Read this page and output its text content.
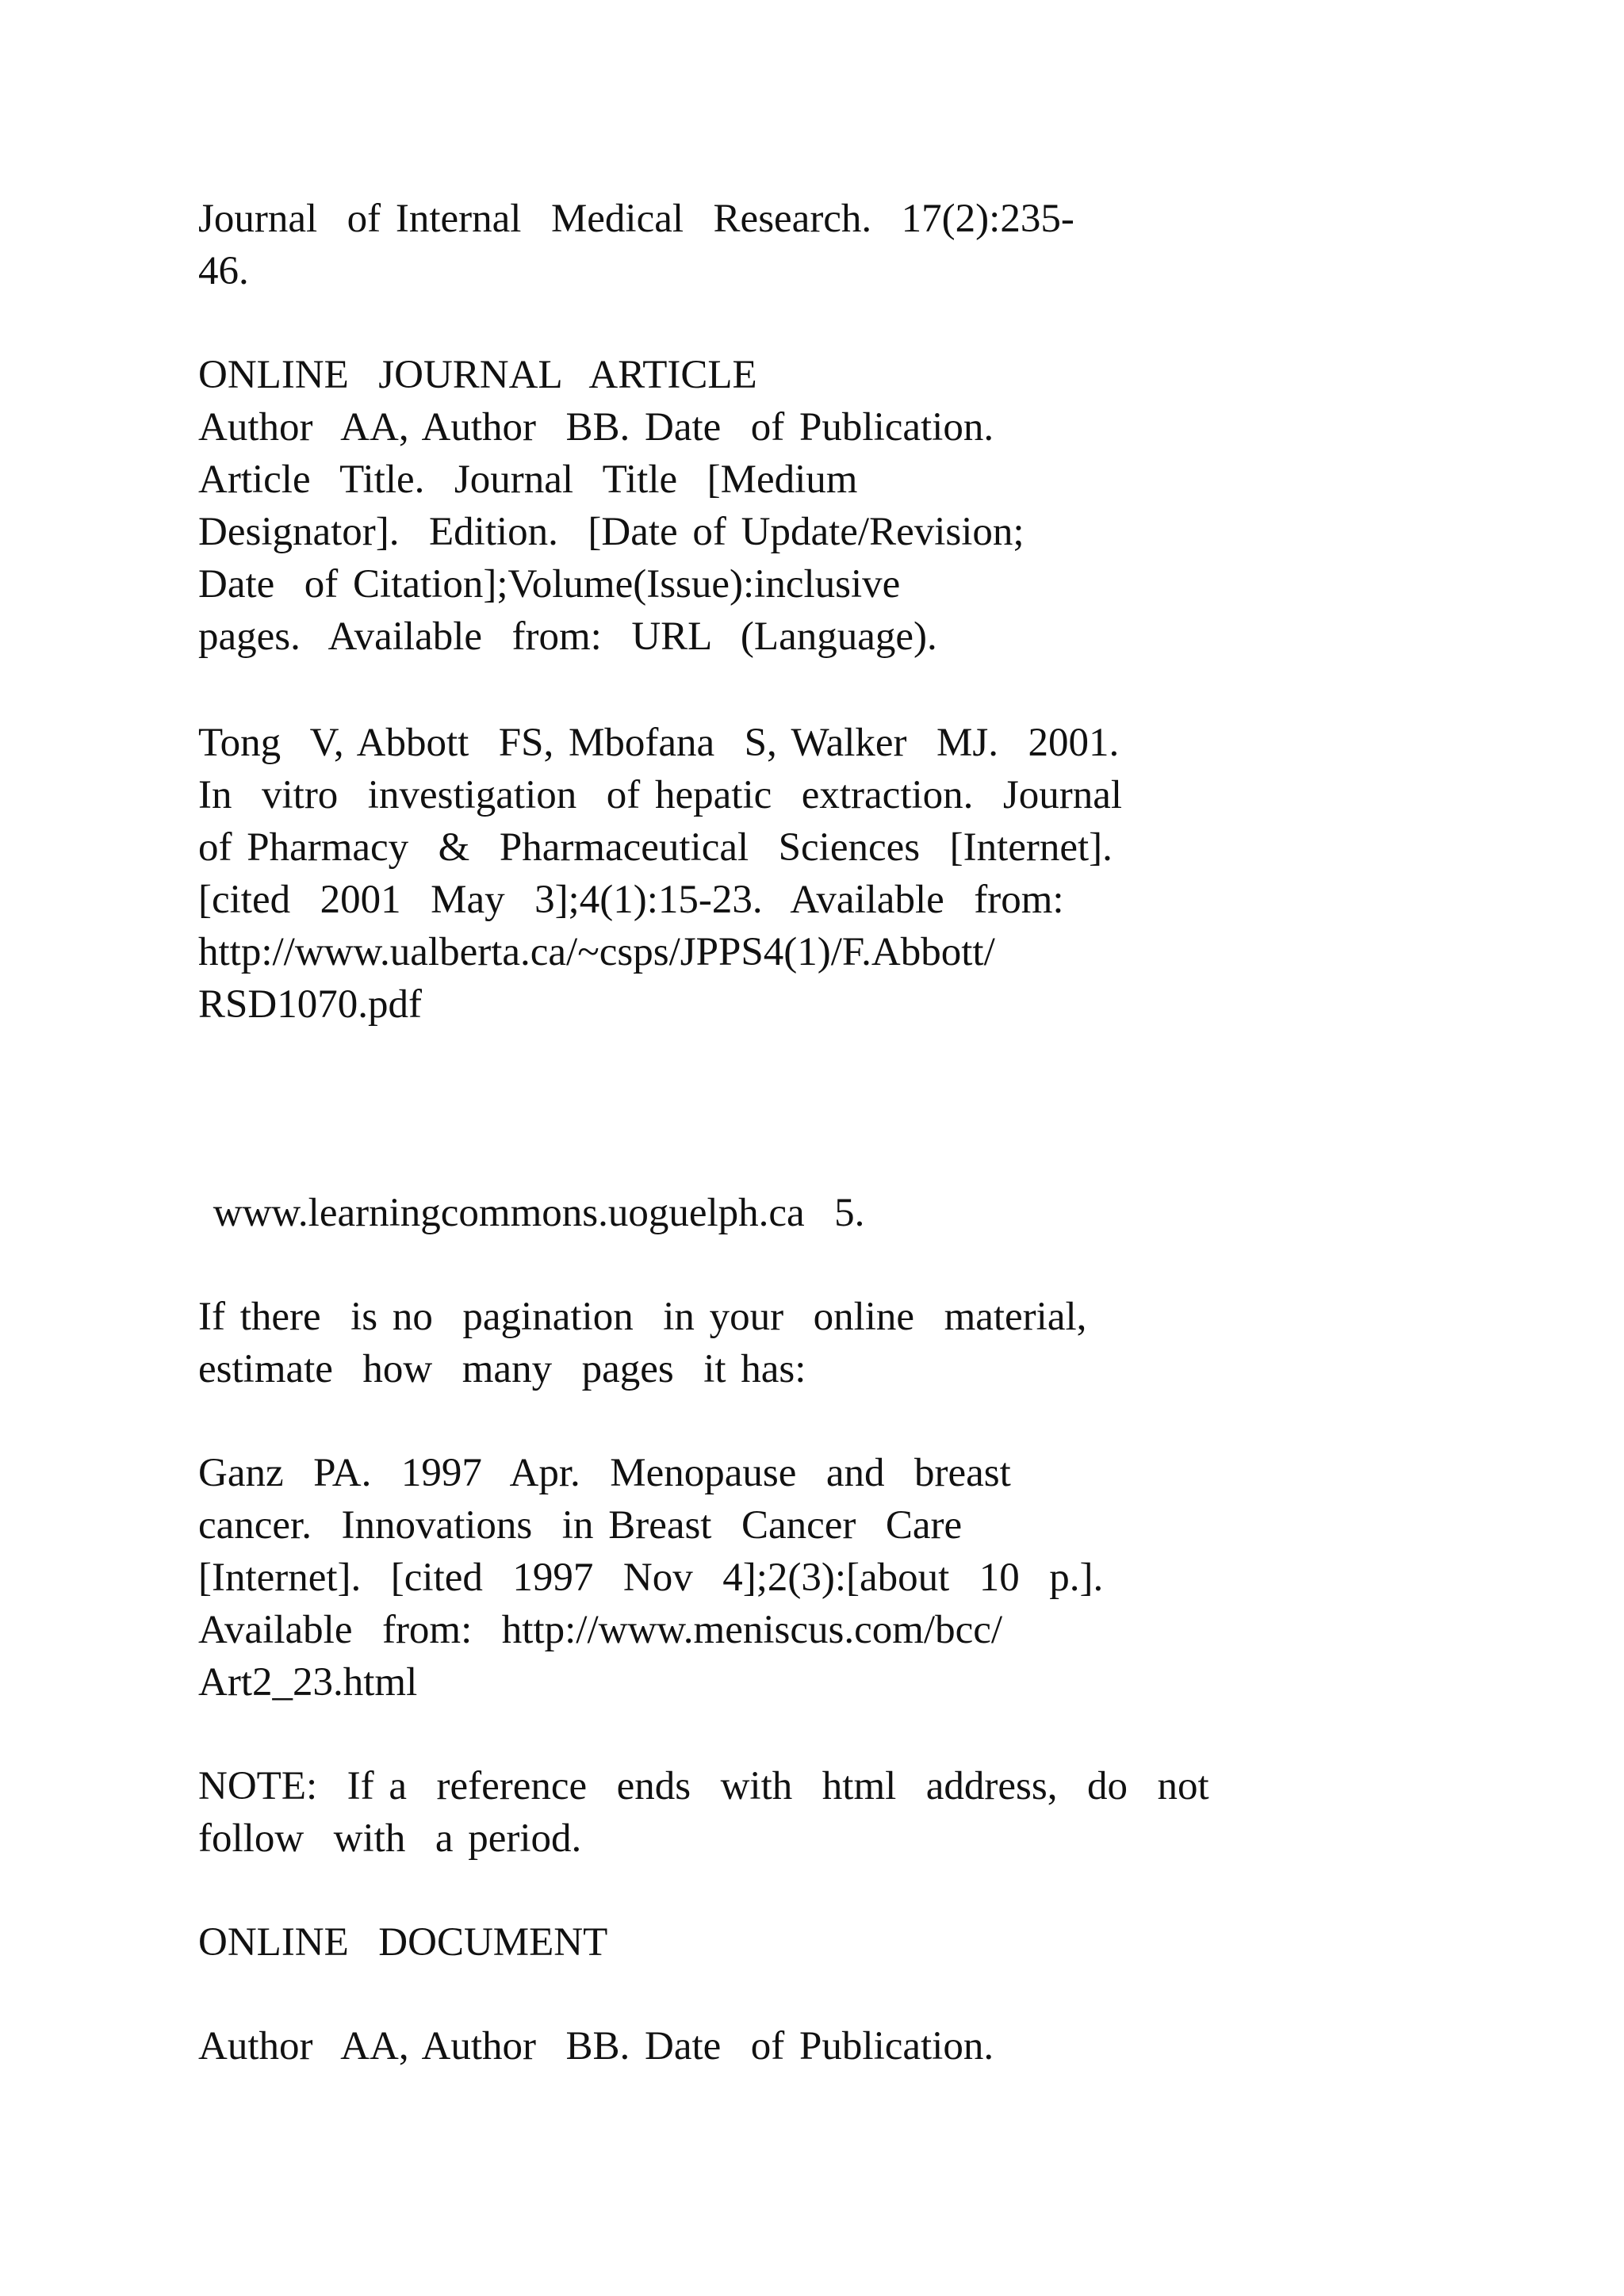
Journal  of Internal  Medical  Research.  17(2):235-
46.

ONLINE  JOURNAL  ARTICLE
Author  AA, Author  BB. Date  of Publication.
Article  Title.  Journal  Title  [Medium
Designator].  Edition.  [Date of Update/Revision;
Date  of Citation];Volume(Issue):inclusive
pages.  Available  from:  URL  (Language).

Tong  V, Abbott  FS, Mbofana  S, Walker  MJ.  2001.
In  vitro  investigation  of hepatic  extraction.  Journal
of Pharmacy  &  Pharmaceutical  Sciences  [Internet].
[cited  2001  May  3];4(1):15-23.  Available  from:
http://www.ualberta.ca/~csps/JPPS4(1)/F.Abbott/
RSD1070.pdf

www.learningcommons.uoguelph.ca  5.

If there  is no  pagination  in your  online  material,
estimate  how  many  pages  it has:

Ganz  PA.  1997  Apr.  Menopause  and  breast
cancer.  Innovations  in Breast  Cancer  Care
[Internet].  [cited  1997  Nov  4];2(3):[about  10  p.].
Available  from:  http://www.meniscus.com/bcc/
Art2_23.html

NOTE:  If a  reference  ends  with  html  address,  do  not
follow  with  a period.

ONLINE  DOCUMENT

Author  AA, Author  BB. Date  of Publication.
